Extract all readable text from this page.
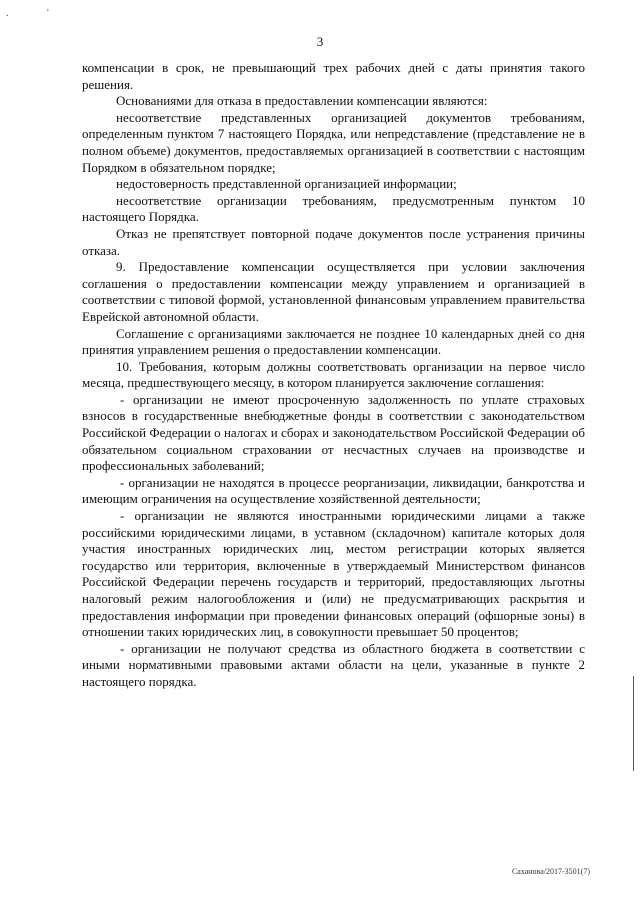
. '
3

компенсации в срок, не превышающий трех рабочих дней с даты принятия такого решения.

Основаниями для отказа в предоставлении компенсации являются:

несоответствие представленных организацией документов требованиям, определенным пунктом 7 настоящего Порядка, или непредставление (представление не в полном объеме) документов, предоставляемых организацией в соответствии с настоящим Порядком в обязательном порядке;

недостоверность представленной организацией информации;

несоответствие организации требованиям, предусмотренным пунктом 10 настоящего Порядка.

Отказ не препятствует повторной подаче документов после устранения причины отказа.

9. Предоставление компенсации осуществляется при условии заключения соглашения о предоставлении компенсации между управлением и организацией в соответствии с типовой формой, установленной финансовым управлением правительства Еврейской автономной области.

Соглашение с организациями заключается не позднее 10 календарных дней со дня принятия управлением решения о предоставлении компенсации.

10. Требования, которым должны соответствовать организации на первое число месяца, предшествующего месяцу, в котором планируется заключение соглашения:

- организации не имеют просроченную задолженность по уплате страховых взносов в государственные внебюджетные фонды в соответствии с законодательством Российской Федерации о налогах и сборах и законодательством Российской Федерации об обязательном социальном страховании от несчастных случаев на производстве и профессиональных заболеваний;

- организации не находятся в процессе реорганизации, ликвидации, банкротства и имеющим ограничения на осуществление хозяйственной деятельности;

- организации не являются иностранными юридическими лицами а также российскими юридическими лицами, в уставном (складочном) капитале которых доля участия иностранных юридических лиц, местом регистрации которых является государство или территория, включенные в утверждаемый Министерством финансов Российской Федерации перечень государств и территорий, предоставляющих льготны налоговый режим налогообложения и (или) не предусматривающих раскрытия и предоставления информации при проведении финансовых операций (офшорные зоны) в отношении таких юридических лиц, в совокупности превышает 50 процентов;

- организации не получают средства из областного бюджета в соответствии с иными нормативными правовыми актами области на цели, указанные в пункте 2 настоящего порядка.

Саханова/2017-3501(7)
